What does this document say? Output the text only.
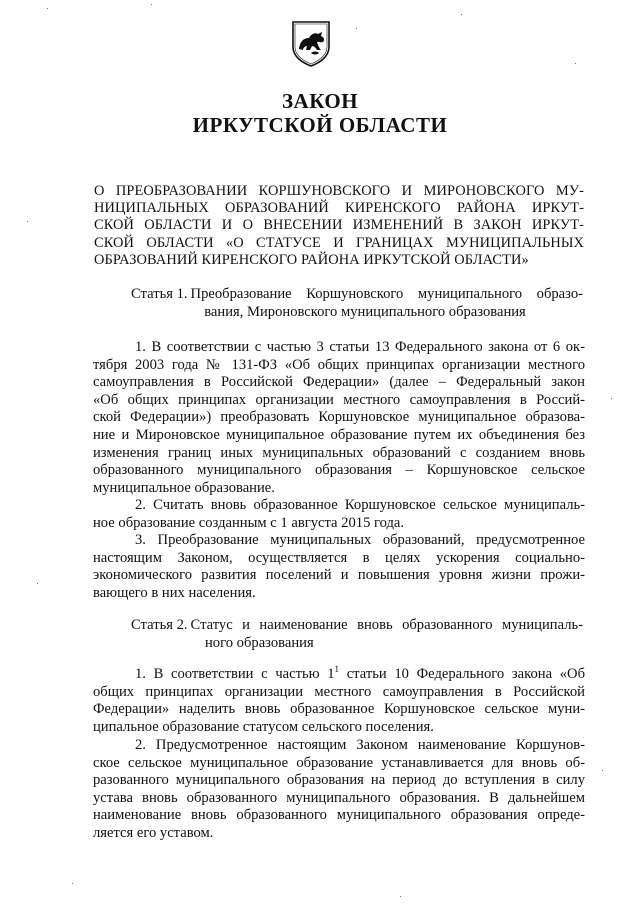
ЗАКОН
ИРКУТСКОЙ ОБЛАСТИ
О ПРЕОБРАЗОВАНИИ КОРШУНОВСКОГО И МИРОНОВСКОГО МУ-
НИЦИПАЛЬНЫХ ОБРАЗОВАНИЙ КИРЕНСКОГО РАЙОНА ИРКУТ-
СКОЙ ОБЛАСТИ И О ВНЕСЕНИИ ИЗМЕНЕНИЙ В ЗАКОН ИРКУТ-
СКОЙ ОБЛАСТИ «О СТАТУСЕ И ГРАНИЦАХ МУНИЦИПАЛЬНЫХ
ОБРАЗОВАНИЙ КИРЕНСКОГО РАЙОНА ИРКУТСКОЙ ОБЛАСТИ»
Статья 1. Преобразование Коршуновского муниципального образо-
вания, Мироновского муниципального образования
1. В соответствии с частью 3 статьи 13 Федерального закона от 6 ок-
тября 2003 года № 131-ФЗ «Об общих принципах организации местного
самоуправления в Российской Федерации» (далее – Федеральный закон
«Об общих принципах организации местного самоуправления в Россий-
ской Федерации») преобразовать Коршуновское муниципальное образова-
ние и Мироновское муниципальное образование путем их объединения без
изменения границ иных муниципальных образований с созданием вновь
образованного муниципального образования – Коршуновское сельское
муниципальное образование.
2. Считать вновь образованное Коршуновское сельское муниципаль-
ное образование созданным с 1 августа 2015 года.
3. Преобразование муниципальных образований, предусмотренное
настоящим Законом, осуществляется в целях ускорения социально-
экономического развития поселений и повышения уровня жизни прожи-
вающего в них населения.
Статья 2. Статус и наименование вновь образованного муниципаль-
ного образования
1. В соответствии с частью $1^1$ статьи 10 Федерального закона «Об
общих принципах организации местного самоуправления в Российской
Федерации» наделить вновь образованное Коршуновское сельское муни-
ципальное образование статусом сельского поселения.
2. Предусмотренное настоящим Законом наименование Коршунов-
ское сельское муниципальное образование устанавливается для вновь об-
разованного муниципального образования на период до вступления в силу
устава вновь образованного муниципального образования. В дальнейшем
наименование вновь образованного муниципального образования опреде-
ляется его уставом.
